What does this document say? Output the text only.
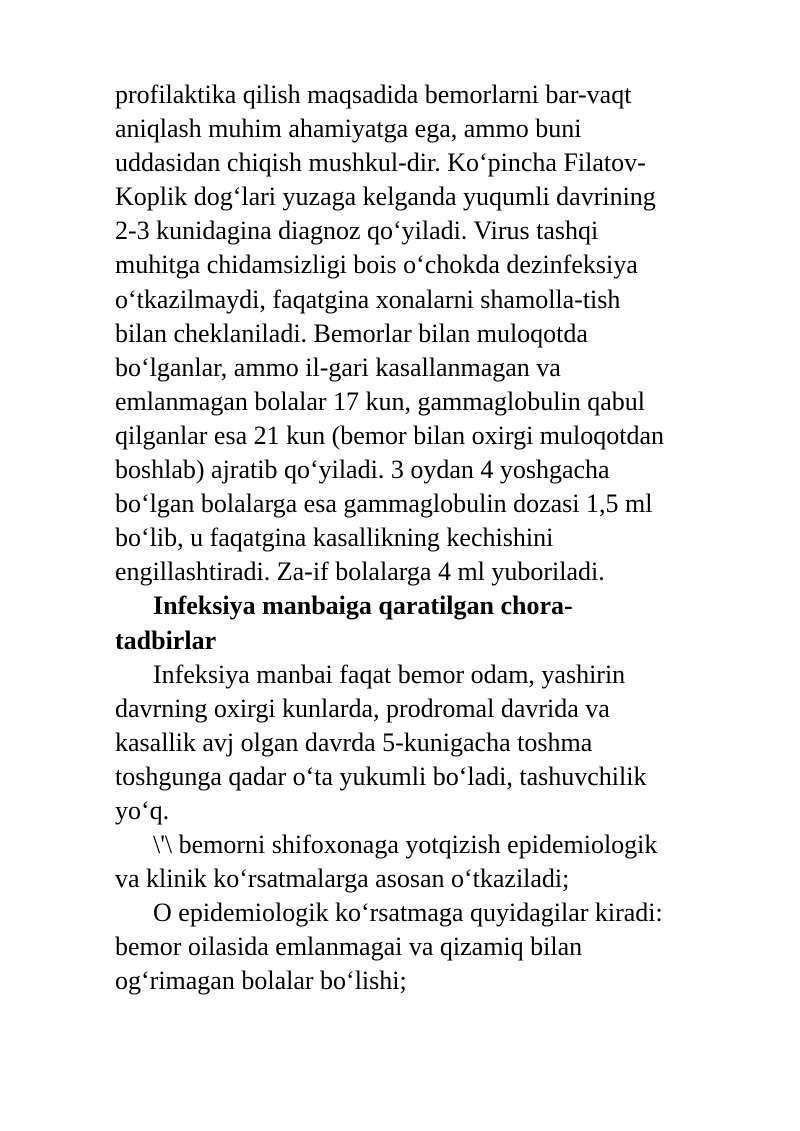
profilaktika qilish maqsadida bemorlarni bar-vaqt
aniqlash muhim ahamiyatga ega, ammo buni
uddasidan chiqish mushkul-dir. Ko‘pincha Filatov-
Koplik dog‘lari yuzaga kelganda yuqumli davrining
2-3 kunidagina diagnoz qo‘yiladi. Virus tashqi
muhitga chidamsizligi bois o‘chokda dezinfeksiya
o‘tkazilmaydi, faqatgina xonalarni shamolla-tish
bilan cheklaniladi. Bemorlar bilan muloqotda
bo‘lganlar, ammo il-gari kasallanmagan va
emlanmagan bolalar 17 kun, gammaglobulin qabul
qilganlar esa 21 kun (bemor bilan oxirgi muloqotdan
boshlab) ajratib qo‘yiladi. 3 oydan 4 yoshgacha
bo‘lgan bolalarga esa gammaglobulin dozasi 1,5 ml
bo‘lib, u faqatgina kasallikning kechishini
engillashtiradi. Za-if bolalarga 4 ml yuboriladi.
Infeksiya manbaiga qaratilgan chora-
tadbirlar
Infeksiya manbai faqat bemor odam, yashirin
davrning oxirgi kunlarda, prodromal davrida va
kasallik avj olgan davrda 5-kunigacha toshma
toshgunga qadar o‘ta yukumli bo‘ladi, tashuvchilik
yo‘q.
\'\ bemorni shifoxonaga yotqizish epidemiologik
va klinik ko‘rsatmalarga asosan o‘tkaziladi;
O epidemiologik ko‘rsatmaga quyidagilar kiradi:
bemor oilasida emlanmagai va qizamiq bilan
og‘rimagan bolalar bo‘lishi;
